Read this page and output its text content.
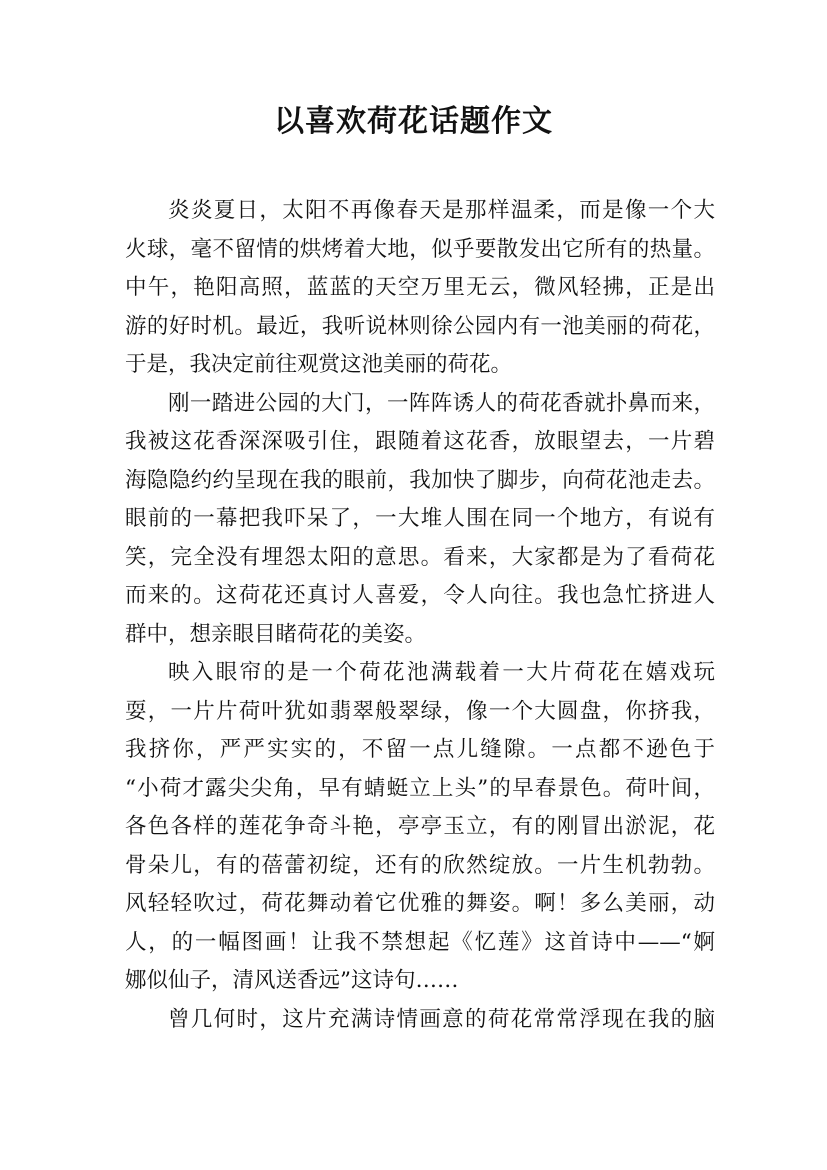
以喜欢荷花话题作文
炎炎夏日，太阳不再像春天是那样温柔，而是像一个大
火球，毫不留情的烘烤着大地，似乎要散发出它所有的热量。
中午，艳阳高照，蓝蓝的天空万里无云，微风轻拂，正是出
游的好时机。最近，我听说林则徐公园内有一池美丽的荷花，
于是，我决定前往观赏这池美丽的荷花。
刚一踏进公园的大门，一阵阵诱人的荷花香就扑鼻而来，
我被这花香深深吸引住，跟随着这花香，放眼望去，一片碧
海隐隐约约呈现在我的眼前，我加快了脚步，向荷花池走去。
眼前的一幕把我吓呆了，一大堆人围在同一个地方，有说有
笑，完全没有埋怨太阳的意思。看来，大家都是为了看荷花
而来的。这荷花还真讨人喜爱，令人向往。我也急忙挤进人
群中，想亲眼目睹荷花的美姿。
映入眼帘的是一个荷花池满载着一大片荷花在嬉戏玩
耍，一片片荷叶犹如翡翠般翠绿，像一个大圆盘，你挤我，
我挤你，严严实实的，不留一点儿缝隙。一点都不逊色于
“小荷才露尖尖角，早有蜻蜓立上头”的早春景色。荷叶间，
各色各样的莲花争奇斗艳，亭亭玉立，有的刚冒出淤泥，花
骨朵儿，有的蓓蕾初绽，还有的欣然绽放。一片生机勃勃。
风轻轻吹过，荷花舞动着它优雅的舞姿。啊！多么美丽，动
人，的一幅图画！让我不禁想起《忆莲》这首诗中——“婀
娜似仙子，清风送香远”这诗句……
曾几何时，这片充满诗情画意的荷花常常浮现在我的脑
